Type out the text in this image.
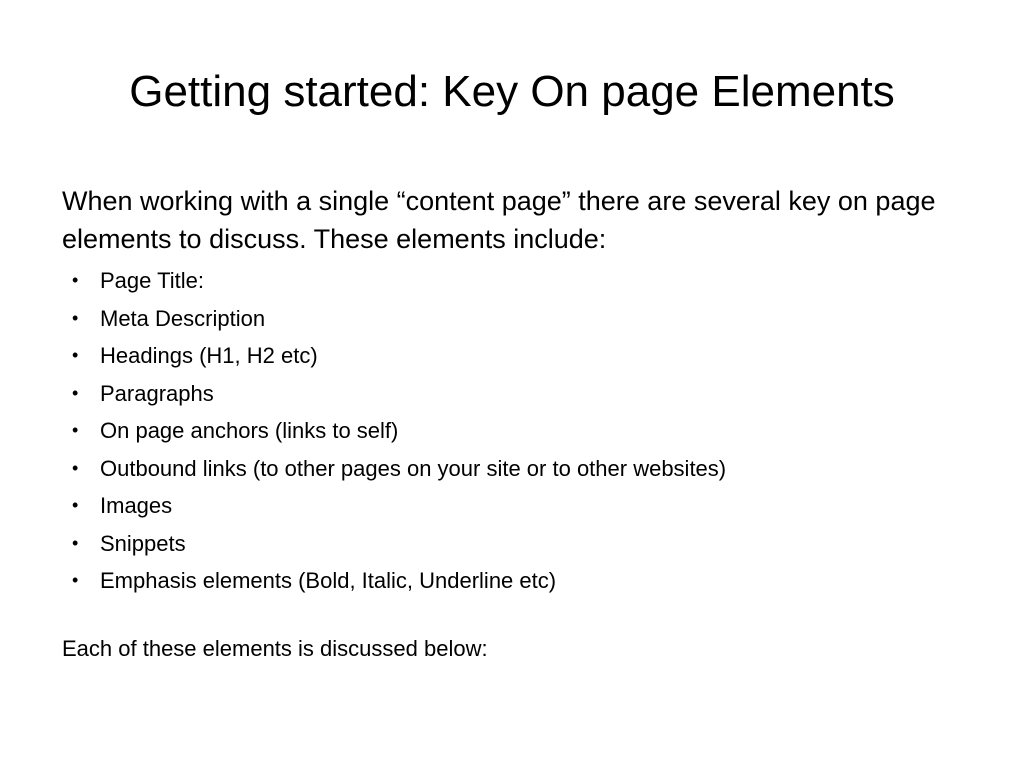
Getting started: Key On page Elements

When working with a single “content page” there are several key on page elements to discuss. These elements include:

• Page Title:
• Meta Description
• Headings (H1, H2 etc)
• Paragraphs
• On page anchors (links to self)
• Outbound links (to other pages on your site or to other websites)
• Images
• Snippets
• Emphasis elements (Bold, Italic, Underline etc)

Each of these elements is discussed below:
